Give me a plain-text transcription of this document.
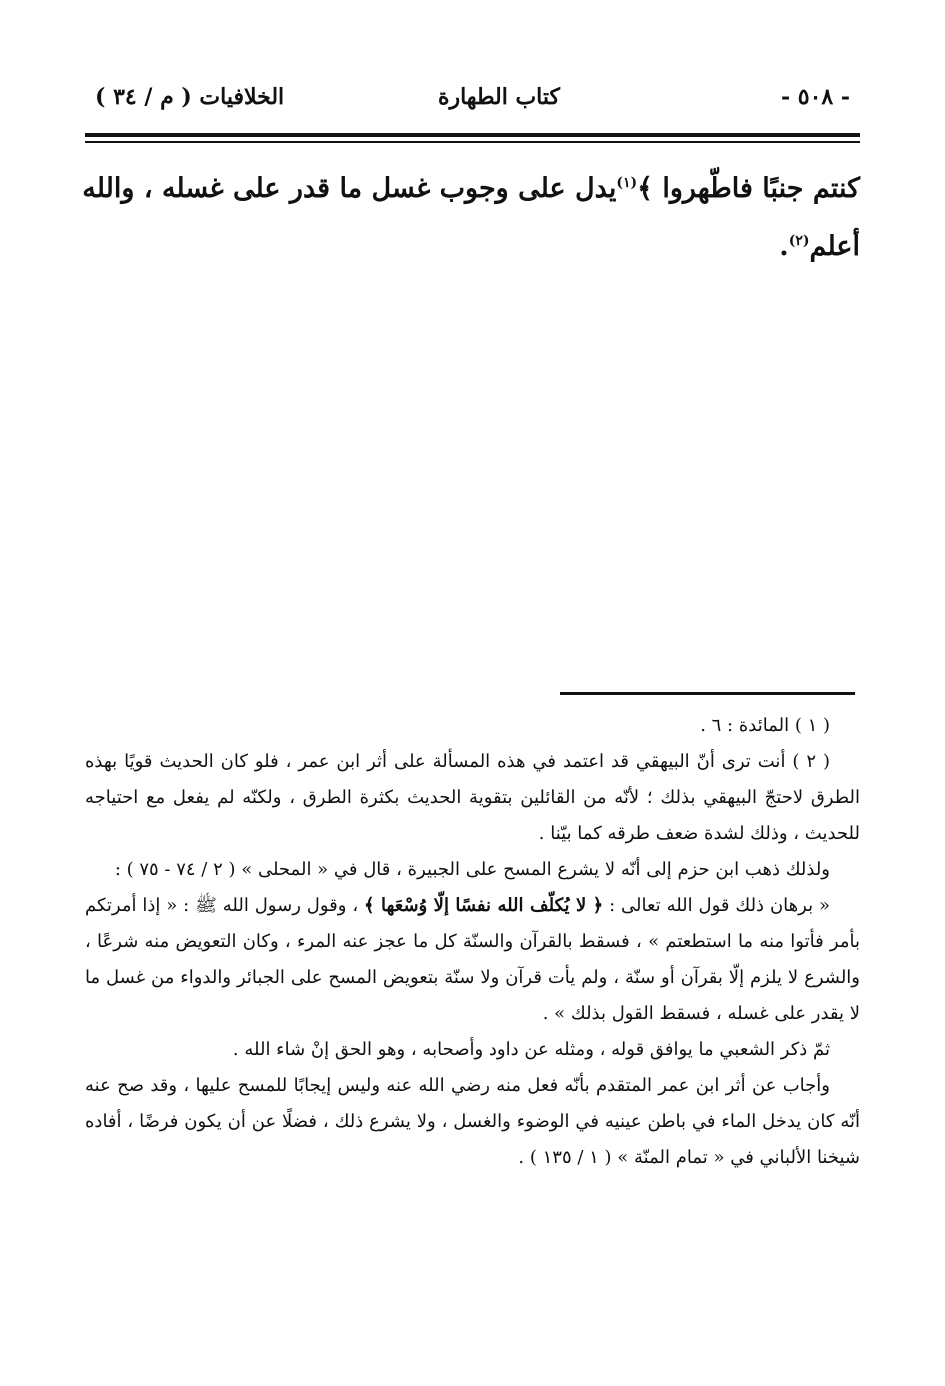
- ٥٠٨ -
كتاب الطهارة
الخلافيات ( م / ٣٤ )

كنتم جنبًا فاطّهروا ﴾$^{(١)}$يدل على وجوب غسل ما قدر على غسله ، والله

أعلم$^{(٢)}$.

( ١ ) المائدة : ٦ .

( ٢ ) أنت ترى أنّ البيهقي قد اعتمد في هذه المسألة على أثر ابن عمر ، فلو كان الحديث قويًا بهذه الطرق لاحتجّ البيهقي بذلك ؛ لأنّه من القائلين بتقوية الحديث بكثرة الطرق ، ولكنّه لم يفعل مع احتياجه للحديث ، وذلك لشدة ضعف طرقه كما بيّنا .

ولذلك ذهب ابن حزم إلى أنّه لا يشرع المسح على الجبيرة ، قال في « المحلى » ( ٢ / ٧٤ - ٧٥ ) :

« برهان ذلك قول الله تعالى : ﴿ لا يُكلّف الله نفسًا إلّا وُسْعَها ﴾ ، وقول رسول الله ﷺ : « إذا أمرتكم بأمر فأتوا منه ما استطعتم » ، فسقط بالقرآن والسنّة كل ما عجز عنه المرء ، وكان التعويض منه شرعًا ، والشرع لا يلزم إلّا بقرآن أو سنّة ، ولم يأت قرآن ولا سنّة بتعويض المسح على الجبائر والدواء من غسل ما لا يقدر على غسله ، فسقط القول بذلك » .

ثمّ ذكر الشعبي ما يوافق قوله ، ومثله عن داود وأصحابه ، وهو الحق إنْ شاء الله .

وأجاب عن أثر ابن عمر المتقدم بأنّه فعل منه رضي الله عنه وليس إيجابًا للمسح عليها ، وقد صح عنه أنّه كان يدخل الماء في باطن عينيه في الوضوء والغسل ، ولا يشرع ذلك ، فضلًا عن أن يكون فرضًا ، أفاده شيخنا الألباني في « تمام المنّة » ( ١ / ١٣٥ ) .
